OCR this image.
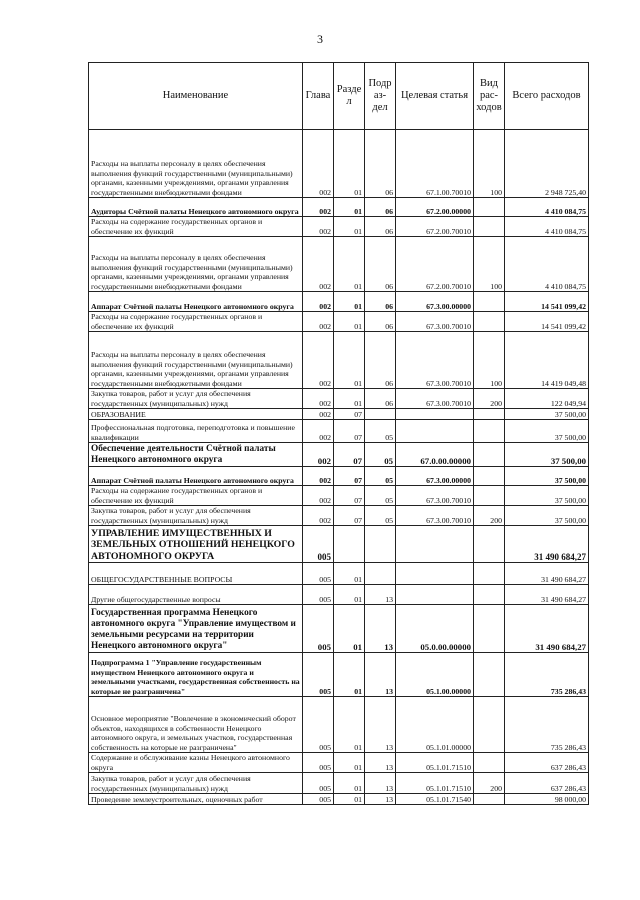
3
Наименование	Глава	Разде л	Подр аз- дел	Целевая статья	Вид рас- ходов	Всего расходов
Расходы на выплаты персоналу в целях обеспечения выполнения функций государственными (муниципальными) органами, казенными учреждениями, органами управления государственными внебюджетными фондами	002	01	06	67.1.00.70010	100	2 948 725,40
Аудиторы Счётной палаты Ненецкого автономного округа	002	01	06	67.2.00.00000		4 410 084,75
Расходы на содержание государственных органов и обеспечение их функций	002	01	06	67.2.00.70010		4 410 084,75
Расходы на выплаты персоналу в целях обеспечения выполнения функций государственными (муниципальными) органами, казенными учреждениями, органами управления государственными внебюджетными фондами	002	01	06	67.2.00.70010	100	4 410 084,75
Аппарат Счётной палаты Ненецкого автономного округа	002	01	06	67.3.00.00000		14 541 099,42
Расходы на содержание государственных органов и обеспечение их функций	002	01	06	67.3.00.70010		14 541 099,42
Расходы на выплаты персоналу в целях обеспечения выполнения функций государственными (муниципальными) органами, казенными учреждениями, органами управления государственными внебюджетными фондами	002	01	06	67.3.00.70010	100	14 419 049,48
Закупка товаров, работ и услуг для обеспечения государственных (муниципальных) нужд	002	01	06	67.3.00.70010	200	122 049,94
ОБРАЗОВАНИЕ	002	07				37 500,00
Профессиональная подготовка, переподготовка и повышение квалификации	002	07	05			37 500,00
Обеспечение деятельности Счётной палаты Ненецкого автономного округа	002	07	05	67.0.00.00000		37 500,00
Аппарат Счётной палаты Ненецкого автономного округа	002	07	05	67.3.00.00000		37 500,00
Расходы на содержание государственных органов и обеспечение их функций	002	07	05	67.3.00.70010		37 500,00
Закупка товаров, работ и услуг для обеспечения государственных (муниципальных) нужд	002	07	05	67.3.00.70010	200	37 500,00
УПРАВЛЕНИЕ ИМУЩЕСТВЕННЫХ И ЗЕМЕЛЬНЫХ ОТНОШЕНИЙ НЕНЕЦКОГО АВТОНОМНОГО ОКРУГА	005					31 490 684,27
ОБЩЕГОСУДАРСТВЕННЫЕ ВОПРОСЫ	005	01				31 490 684,27
Другие общегосударственные вопросы	005	01	13			31 490 684,27
Государственная программа Ненецкого автономного округа "Управление имуществом и земельными ресурсами на территории Ненецкого автономного округа"	005	01	13	05.0.00.00000		31 490 684,27
Подпрограмма 1 "Управление государственным имуществом Ненецкого автономного округа и земельными участками, государственная собственность на которые не разграничена"	005	01	13	05.1.00.00000		735 286,43
Основное мероприятие "Вовлечение в экономический оборот объектов, находящихся в собственности Ненецкого автономного округа, и земельных участков, государственная собственность на которые не разграничена"	005	01	13	05.1.01.00000		735 286,43
Содержание и обслуживание казны Ненецкого автономного округа	005	01	13	05.1.01.71510		637 286,43
Закупка товаров, работ и услуг для обеспечения государственных (муниципальных) нужд	005	01	13	05.1.01.71510	200	637 286,43
Проведение землеустроительных, оценочных работ	005	01	13	05.1.01.71540		98 000,00
